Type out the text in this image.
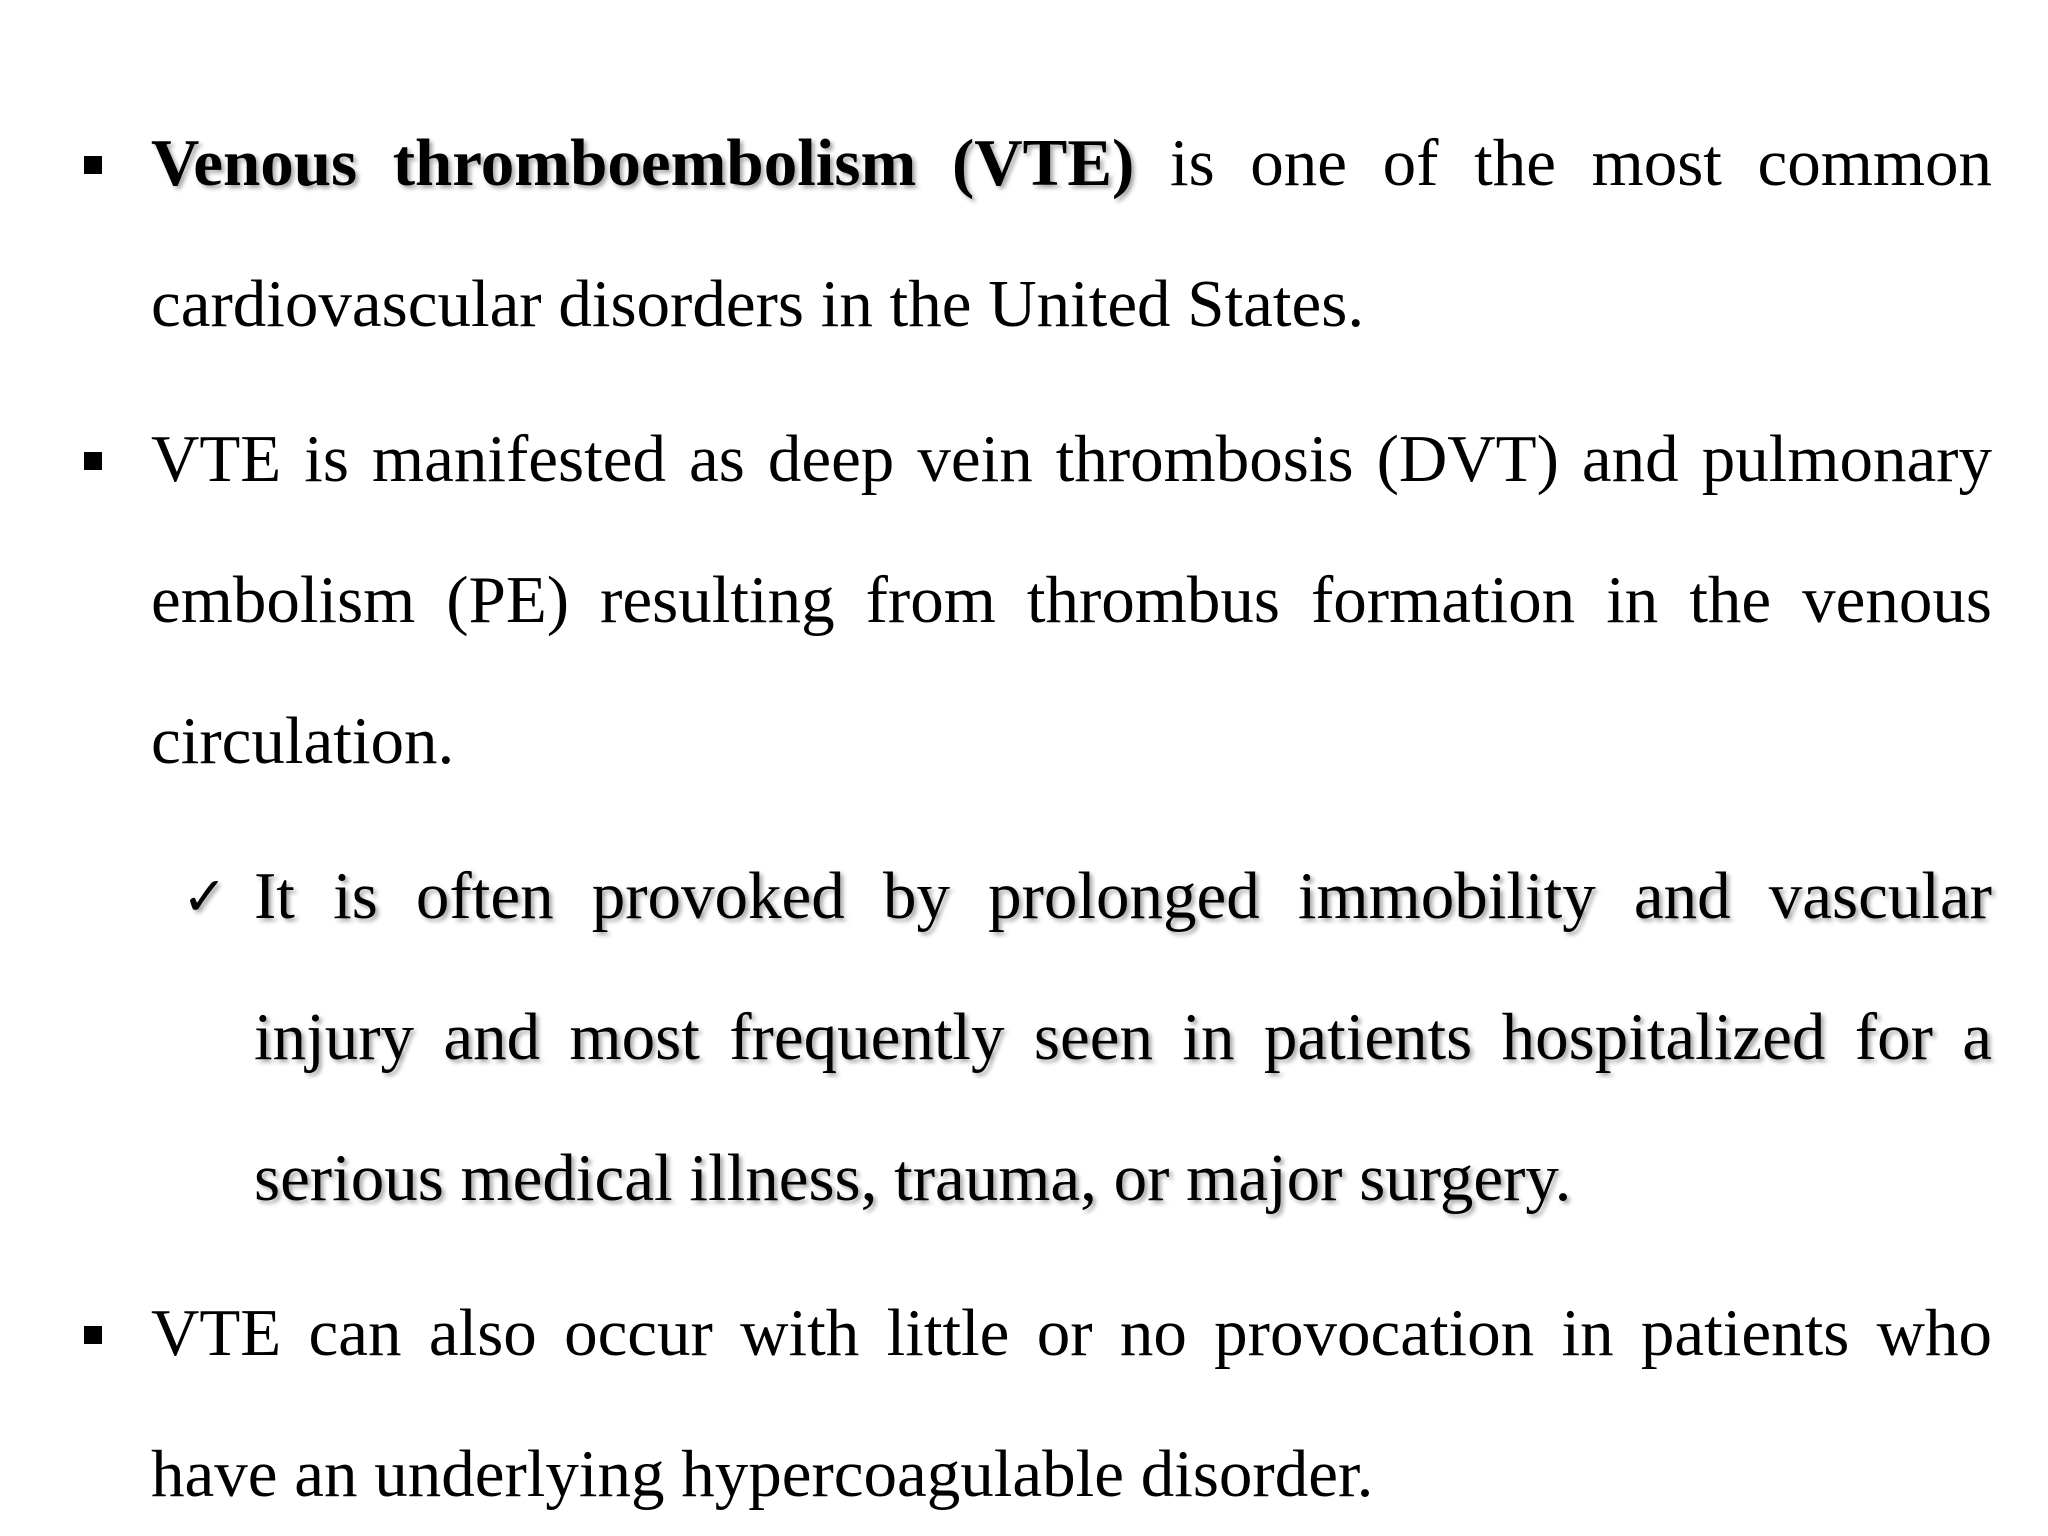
Venous thromboembolism (VTE) is one of the most common cardiovascular disorders in the United States.

VTE is manifested as deep vein thrombosis (DVT) and pulmonary embolism (PE) resulting from thrombus formation in the venous circulation.

✓ It is often provoked by prolonged immobility and vascular injury and most frequently seen in patients hospitalized for a serious medical illness, trauma, or major surgery.

VTE can also occur with little or no provocation in patients who have an underlying hypercoagulable disorder.
